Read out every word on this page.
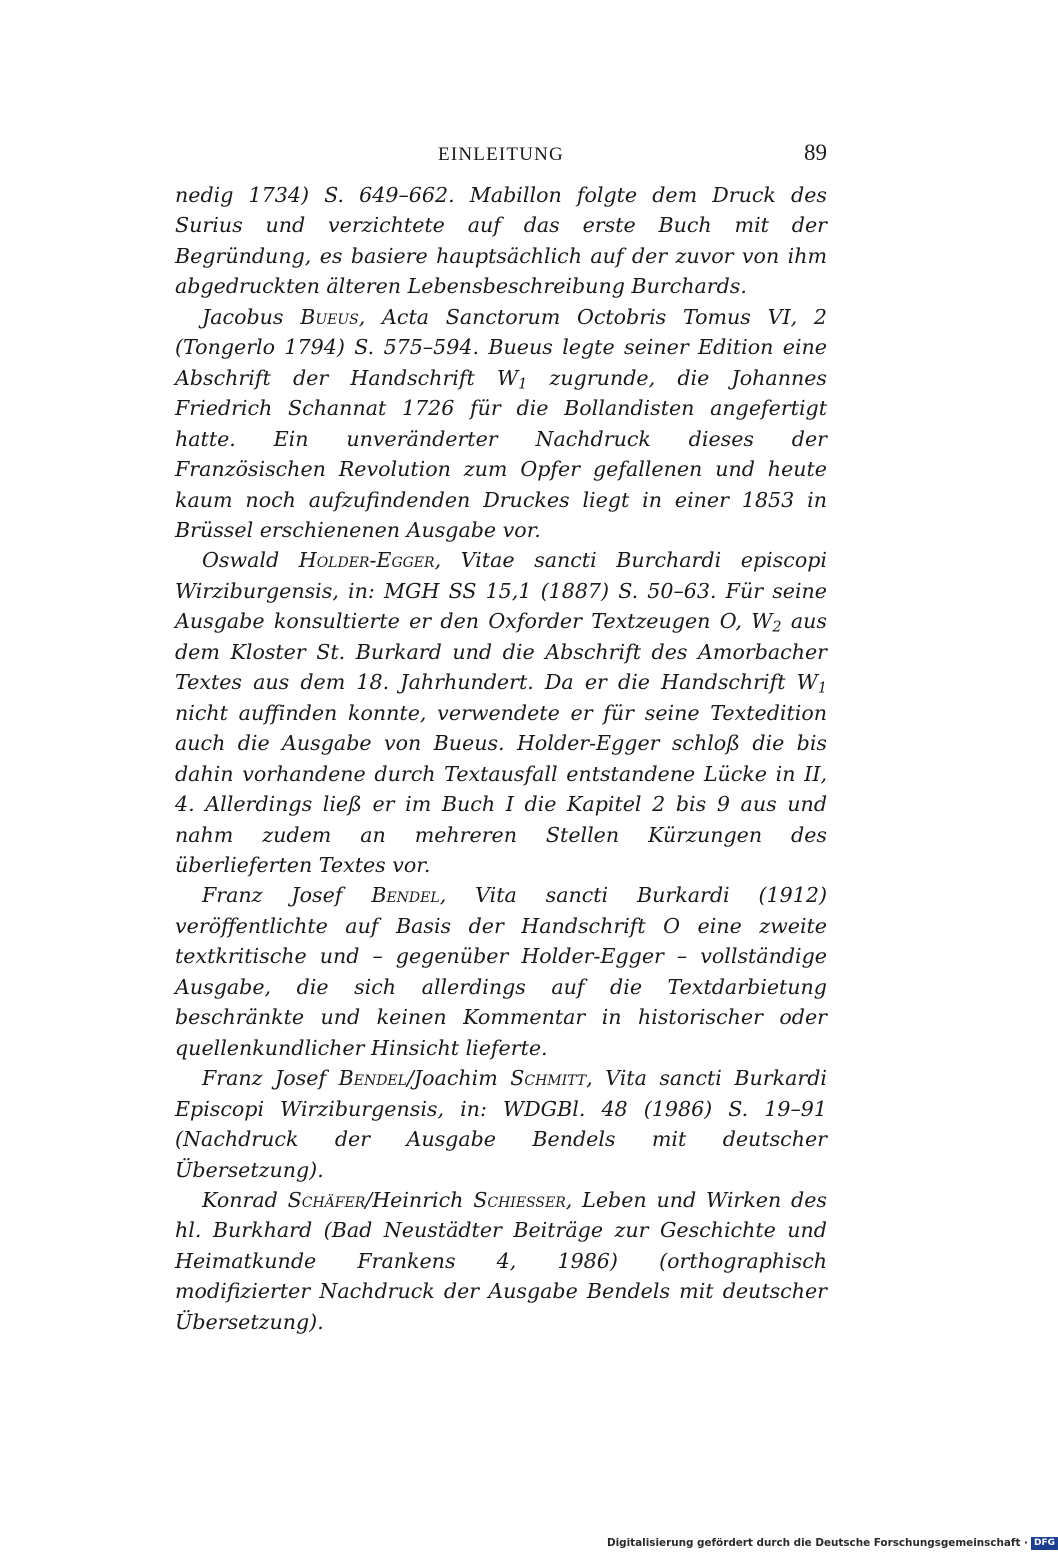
EINLEITUNG	89

nedig 1734) S. 649–662. Mabillon folgte dem Druck des Surius und verzichtete auf das erste Buch mit der Begründung, es basiere hauptsächlich auf der zuvor von ihm abgedruckten älteren Lebensbeschreibung Burchards.

Jacobus Bueus, Acta Sanctorum Octobris Tomus VI, 2 (Tongerlo 1794) S. 575–594. Bueus legte seiner Edition eine Abschrift der Handschrift $W_1$ zugrunde, die Johannes Friedrich Schannat 1726 für die Bollandisten angefertigt hatte. Ein unveränderter Nachdruck dieses der Französischen Revolution zum Opfer gefallenen und heute kaum noch aufzufindenden Druckes liegt in einer 1853 in Brüssel erschienenen Ausgabe vor.

Oswald Holder-Egger, Vitae sancti Burchardi episcopi Wirziburgensis, in: MGH SS 15,1 (1887) S. 50–63. Für seine Ausgabe konsultierte er den Oxforder Textzeugen O, $W_2$ aus dem Kloster St. Burkard und die Abschrift des Amorbacher Textes aus dem 18. Jahrhundert. Da er die Handschrift $W_1$ nicht auffinden konnte, verwendete er für seine Textedition auch die Ausgabe von Bueus. Holder-Egger schloß die bis dahin vorhandene durch Textausfall entstandene Lücke in II, 4. Allerdings ließ er im Buch I die Kapitel 2 bis 9 aus und nahm zudem an mehreren Stellen Kürzungen des überlieferten Textes vor.

Franz Josef Bendel, Vita sancti Burkardi (1912) veröffentlichte auf Basis der Handschrift O eine zweite textkritische und – gegenüber Holder-Egger – vollständige Ausgabe, die sich allerdings auf die Textdarbietung beschränkte und keinen Kommentar in historischer oder quellenkundlicher Hinsicht lieferte.

Franz Josef Bendel/Joachim Schmitt, Vita sancti Burkardi Episcopi Wirziburgensis, in: WDGBl. 48 (1986) S. 19–91 (Nachdruck der Ausgabe Bendels mit deutscher Übersetzung).

Konrad Schäfer/Heinrich Schiesser, Leben und Wirken des hl. Burkhard (Bad Neustädter Beiträge zur Geschichte und Heimatkunde Frankens 4, 1986) (orthographisch modifizierter Nachdruck der Ausgabe Bendels mit deutscher Übersetzung).

Digitalisierung gefördert durch die Deutsche Forschungsgemeinschaft · DFG
